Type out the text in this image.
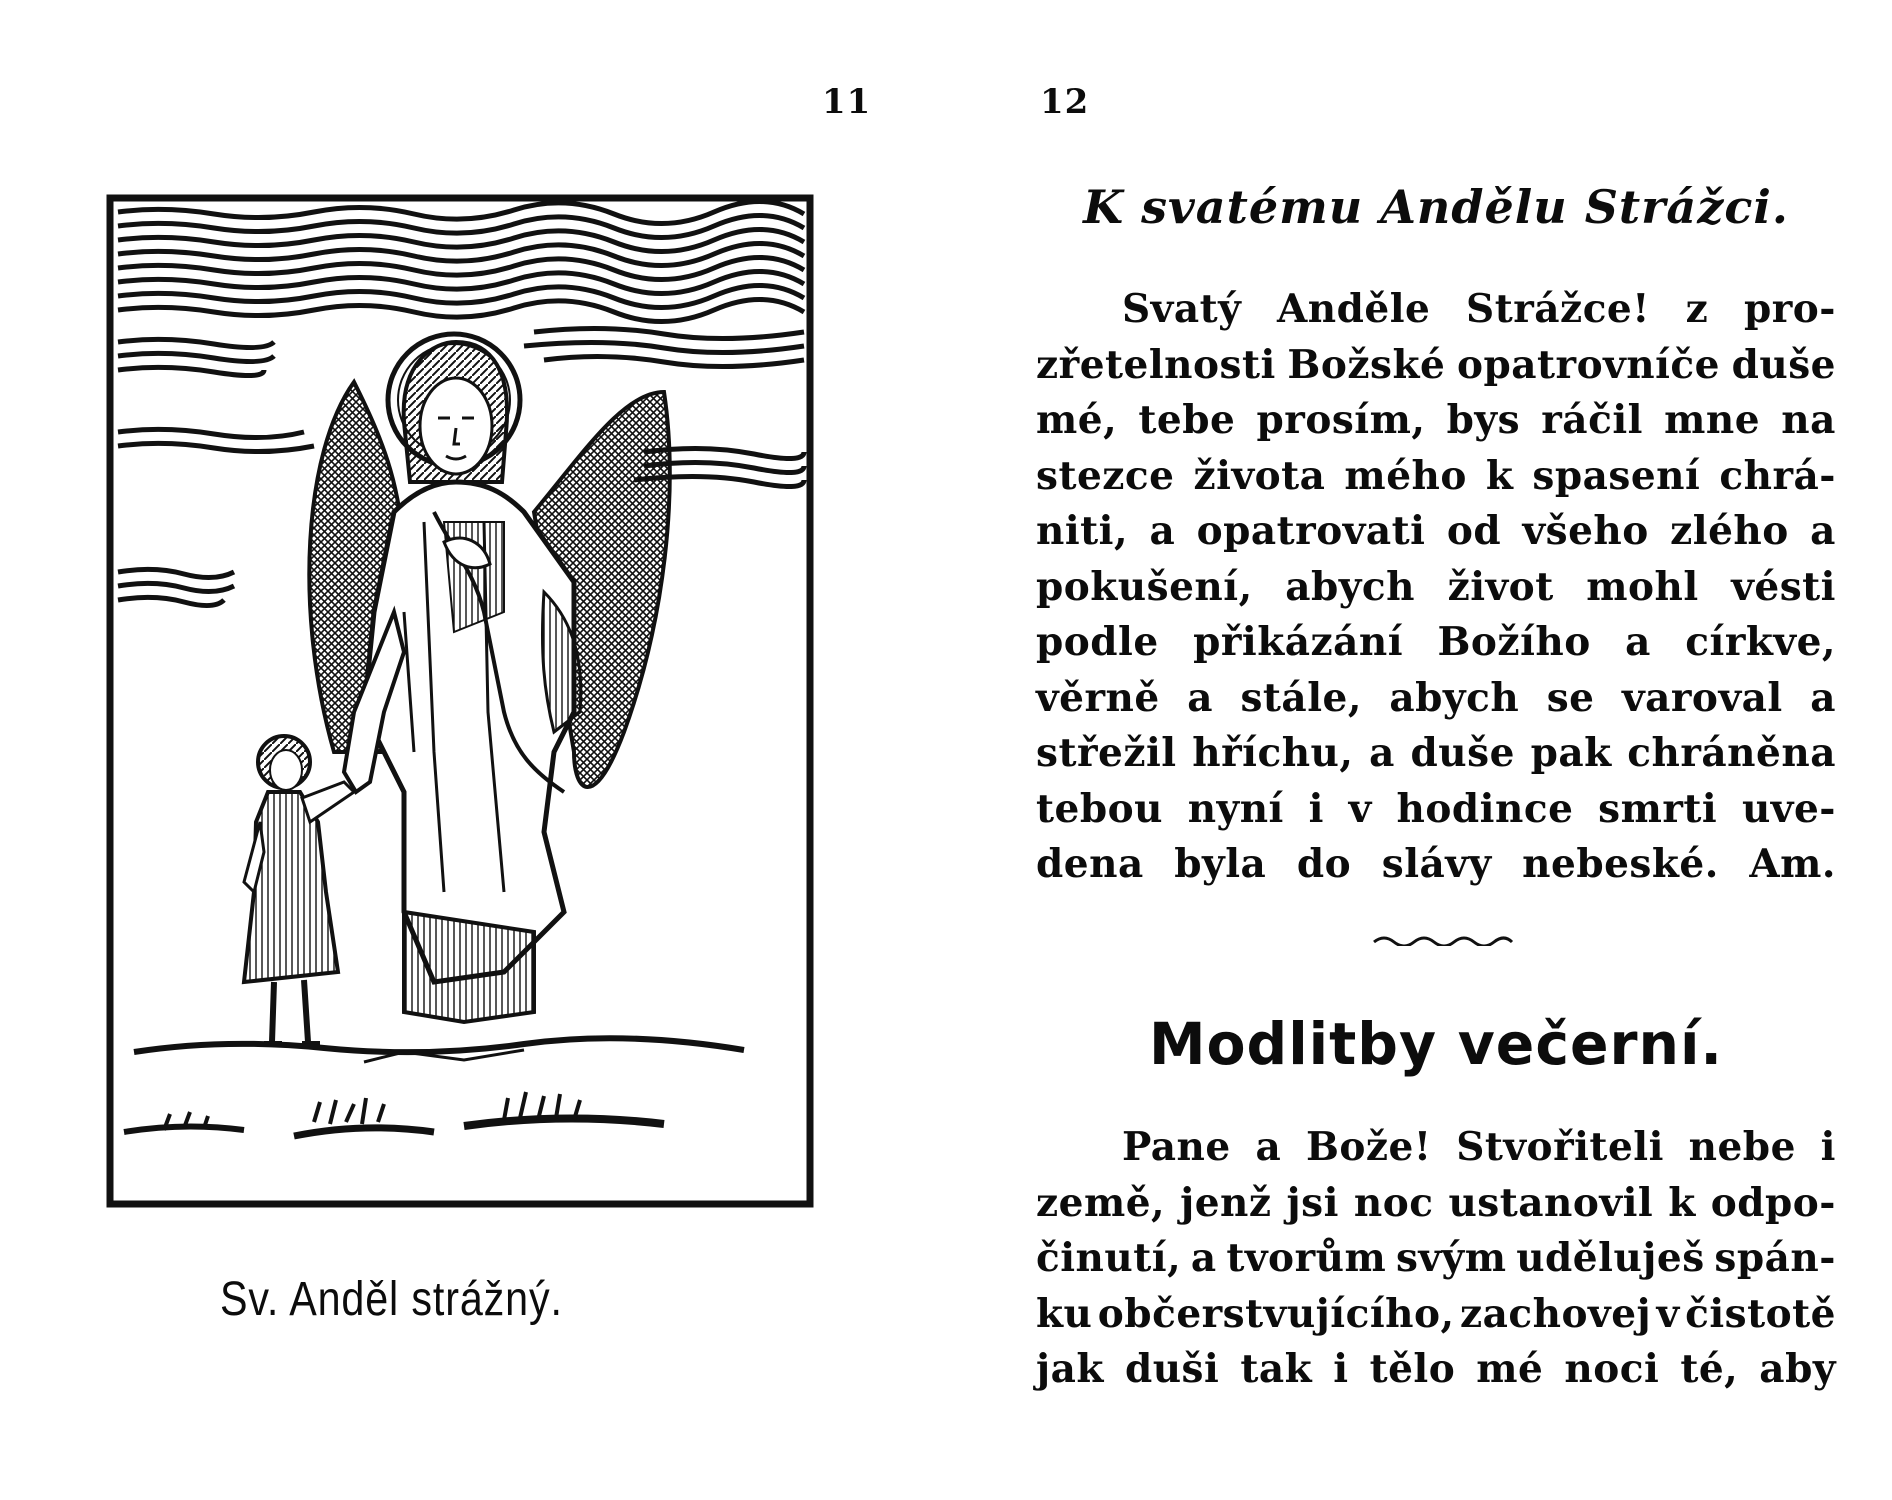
11	12
Sv. Anděl strážný.
K svatému Andělu Strážci.
Svatý Anděle Strážce! z pro-
zřetelnosti Božské opatrovníče duše
mé, tebe prosím, bys ráčil mne na
stezce života mého k spasení chrá-
niti, a opatrovati od všeho zlého a
pokušení, abych život mohl vésti
podle přikázání Božího a církve,
věrně a stále, abych se varoval a
střežil hříchu, a duše pak chráněna
tebou nyní i v hodince smrti uve-
dena byla do slávy nebeské. Am.
Modlitby večerní.
Pane a Bože! Stvořiteli nebe i
země, jenž jsi noc ustanovil k odpo-
činutí, a tvorům svým uděluješ spán-
ku občerstvujícího, zachovej v čistotě
jak duši tak i tělo mé noci té, aby
